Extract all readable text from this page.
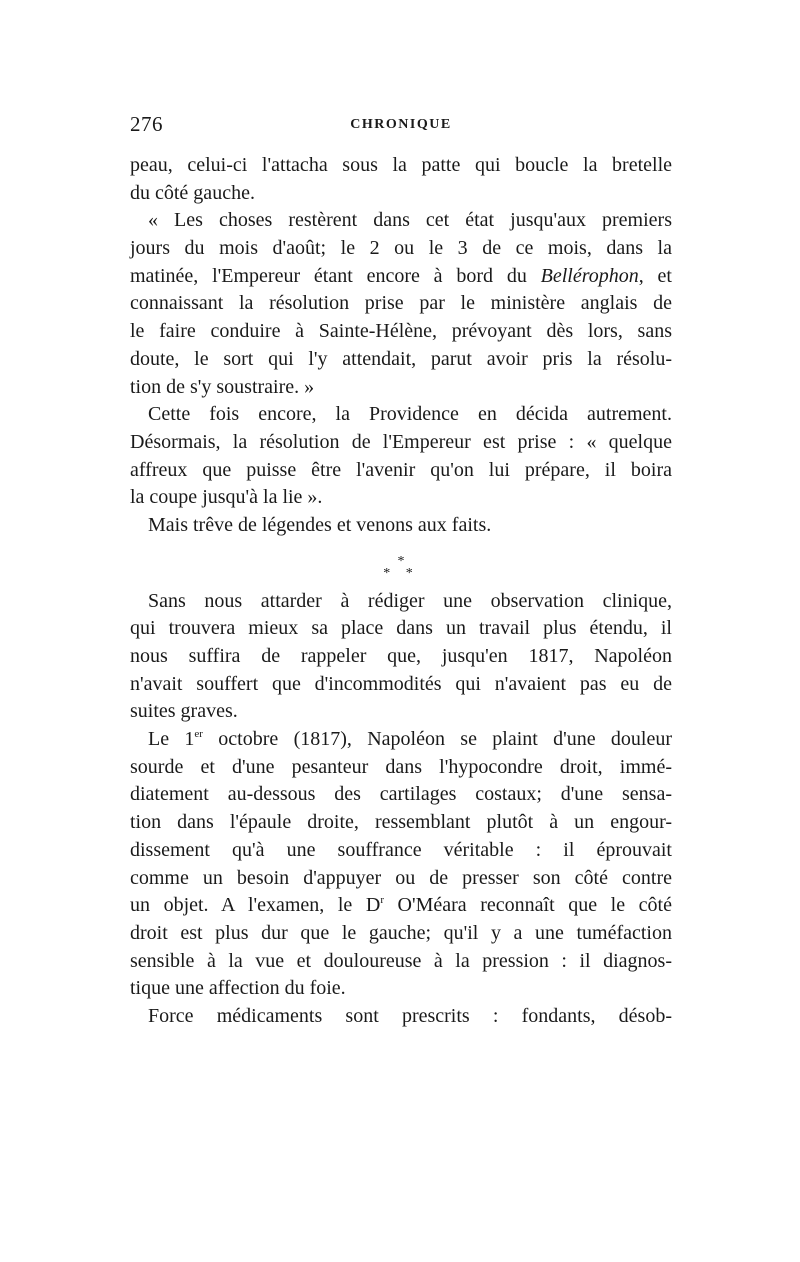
276	CHRONIQUE
peau, celui-ci l'attacha sous la patte qui boucle la bretelle
du côté gauche.
« Les choses restèrent dans cet état jusqu'aux premiers
jours du mois d'août; le 2 ou le 3 de ce mois, dans la
matinée, l'Empereur étant encore à bord du Bellérophon, et
connaissant la résolution prise par le ministère anglais de
le faire conduire à Sainte-Hélène, prévoyant dès lors, sans
doute, le sort qui l'y attendait, parut avoir pris la résolu-
tion de s'y soustraire. »
Cette fois encore, la Providence en décida autrement.
Désormais, la résolution de l'Empereur est prise : « quelque
affreux que puisse être l'avenir qu'on lui prépare, il boira
la coupe jusqu'à la lie ».
Mais trêve de légendes et venons aux faits.
*
* *
Sans nous attarder à rédiger une observation clinique,
qui trouvera mieux sa place dans un travail plus étendu, il
nous suffira de rappeler que, jusqu'en 1817, Napoléon
n'avait souffert que d'incommodités qui n'avaient pas eu de
suites graves.
Le 1er octobre (1817), Napoléon se plaint d'une douleur
sourde et d'une pesanteur dans l'hypocondre droit, immé-
diatement au-dessous des cartilages costaux; d'une sensa-
tion dans l'épaule droite, ressemblant plutôt à un engour-
dissement qu'à une souffrance véritable : il éprouvait
comme un besoin d'appuyer ou de presser son côté contre
un objet. A l'examen, le $D^r$ O'Méara reconnaît que le côté
droit est plus dur que le gauche; qu'il y a une tuméfaction
sensible à la vue et douloureuse à la pression : il diagnos-
tique une affection du foie.
Force médicaments sont prescrits : fondants, désob-
